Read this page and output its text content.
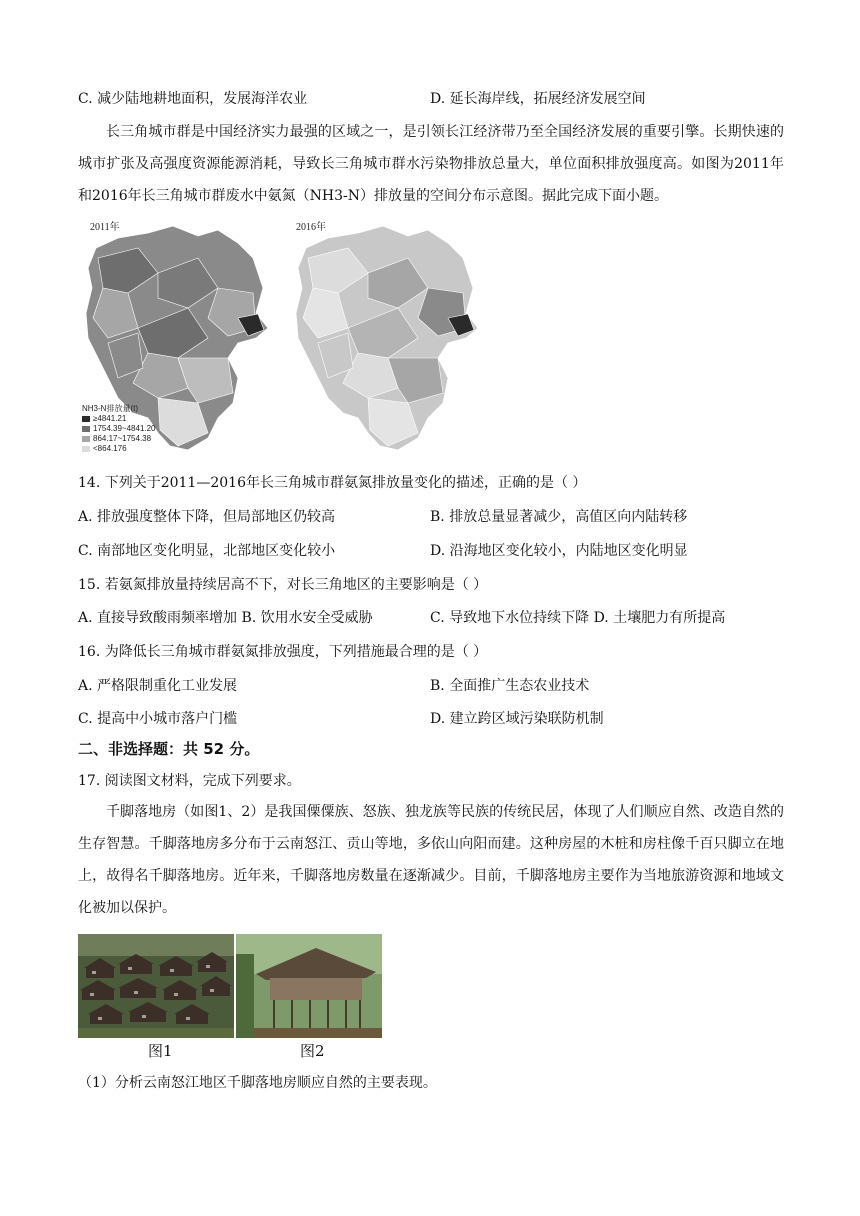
C. 减少陆地耕地面积，发展海洋农业	D. 延长海岸线，拓展经济发展空间
长三角城市群是中国经济实力最强的区域之一，是引领长江经济带乃至全国经济发展的重要引擎。长期快速的城市扩张及高强度资源能源消耗，导致长三角城市群水污染物排放总量大，单位面积排放强度高。如图为2011年和2016年长三角城市群废水中氨氮（NH3-N）排放量的空间分布示意图。据此完成下面小题。
2011年	2016年
NH3-N排放量(t)
≥4841.21
1754.39~4841.20
864.17~1754.38
<864.176
14. 下列关于2011—2016年长三角城市群氨氮排放量变化的描述，正确的是（ ）
A. 排放强度整体下降，但局部地区仍较高	B. 排放总量显著减少，高值区向内陆转移
C. 南部地区变化明显，北部地区变化较小	D. 沿海地区变化较小，内陆地区变化明显
15. 若氨氮排放量持续居高不下，对长三角地区的主要影响是（ ）
A. 直接导致酸雨频率增加 B. 饮用水安全受威胁	C. 导致地下水位持续下降 D. 土壤肥力有所提高
16. 为降低长三角城市群氨氮排放强度，下列措施最合理的是（ ）
A. 严格限制重化工业发展	B. 全面推广生态农业技术
C. 提高中小城市落户门槛	D. 建立跨区域污染联防机制
二、非选择题：共 52 分。
17. 阅读图文材料，完成下列要求。
千脚落地房（如图1、2）是我国傈僳族、怒族、独龙族等民族的传统民居，体现了人们顺应自然、改造自然的生存智慧。千脚落地房多分布于云南怒江、贡山等地，多依山向阳而建。这种房屋的木桩和房柱像千百只脚立在地上，故得名千脚落地房。近年来，千脚落地房数量在逐渐减少。目前，千脚落地房主要作为当地旅游资源和地域文化被加以保护。
图1	图2
（1）分析云南怒江地区千脚落地房顺应自然的主要表现。
